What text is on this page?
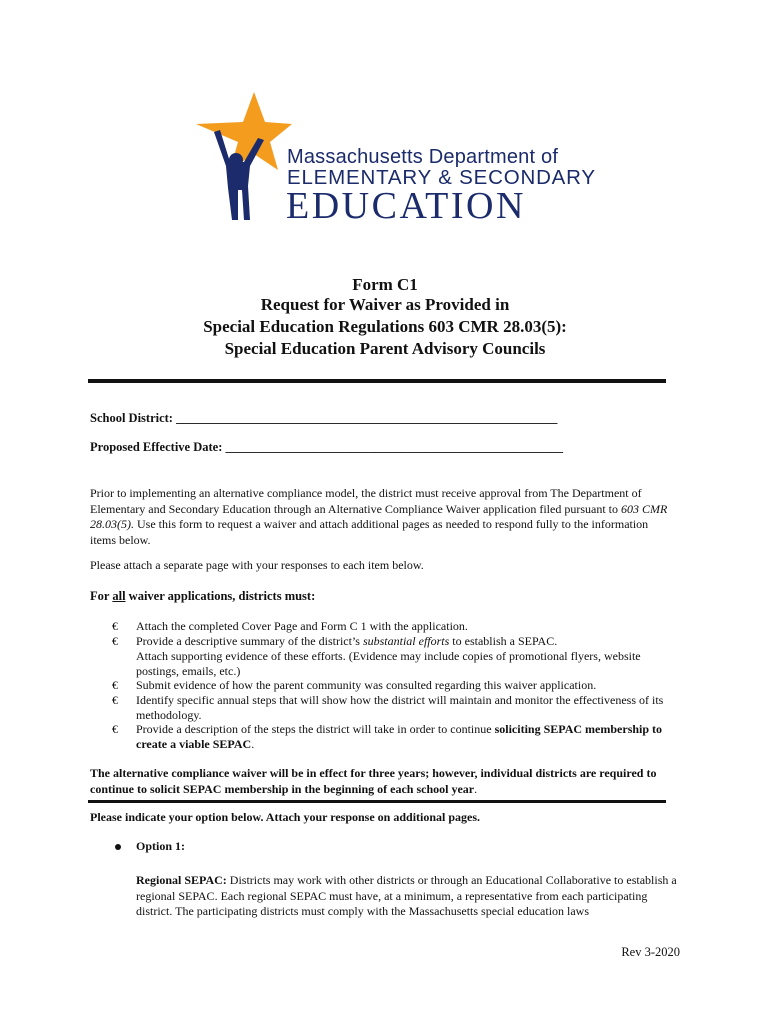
Massachusetts Department of
ELEMENTARY & SECONDARY
EDUCATION
Form C1
Request for Waiver as Provided in
Special Education Regulations 603 CMR 28.03(5):
Special Education Parent Advisory Councils
School District: _____________________________________________________________
Proposed Effective Date: ______________________________________________________
Prior to implementing an alternative compliance model, the district must receive approval from The Department of Elementary and Secondary Education through an Alternative Compliance Waiver application filed pursuant to 603 CMR 28.03(5). Use this form to request a waiver and attach additional pages as needed to respond fully to the information items below.
Please attach a separate page with your responses to each item below.
For all waiver applications, districts must:
€ Attach the completed Cover Page and Form C 1 with the application.
€ Provide a descriptive summary of the district’s substantial efforts to establish a SEPAC.
Attach supporting evidence of these efforts. (Evidence may include copies of promotional flyers, website postings, emails, etc.)
€ Submit evidence of how the parent community was consulted regarding this waiver application.
€ Identify specific annual steps that will show how the district will maintain and monitor the effectiveness of its methodology.
€ Provide a description of the steps the district will take in order to continue soliciting SEPAC membership to create a viable SEPAC.
The alternative compliance waiver will be in effect for three years; however, individual districts are required to continue to solicit SEPAC membership in the beginning of each school year.
Please indicate your option below. Attach your response on additional pages.
Option 1:
Regional SEPAC: Districts may work with other districts or through an Educational Collaborative to establish a regional SEPAC. Each regional SEPAC must have, at a minimum, a representative from each participating district. The participating districts must comply with the Massachusetts special education laws
Rev 3-2020
